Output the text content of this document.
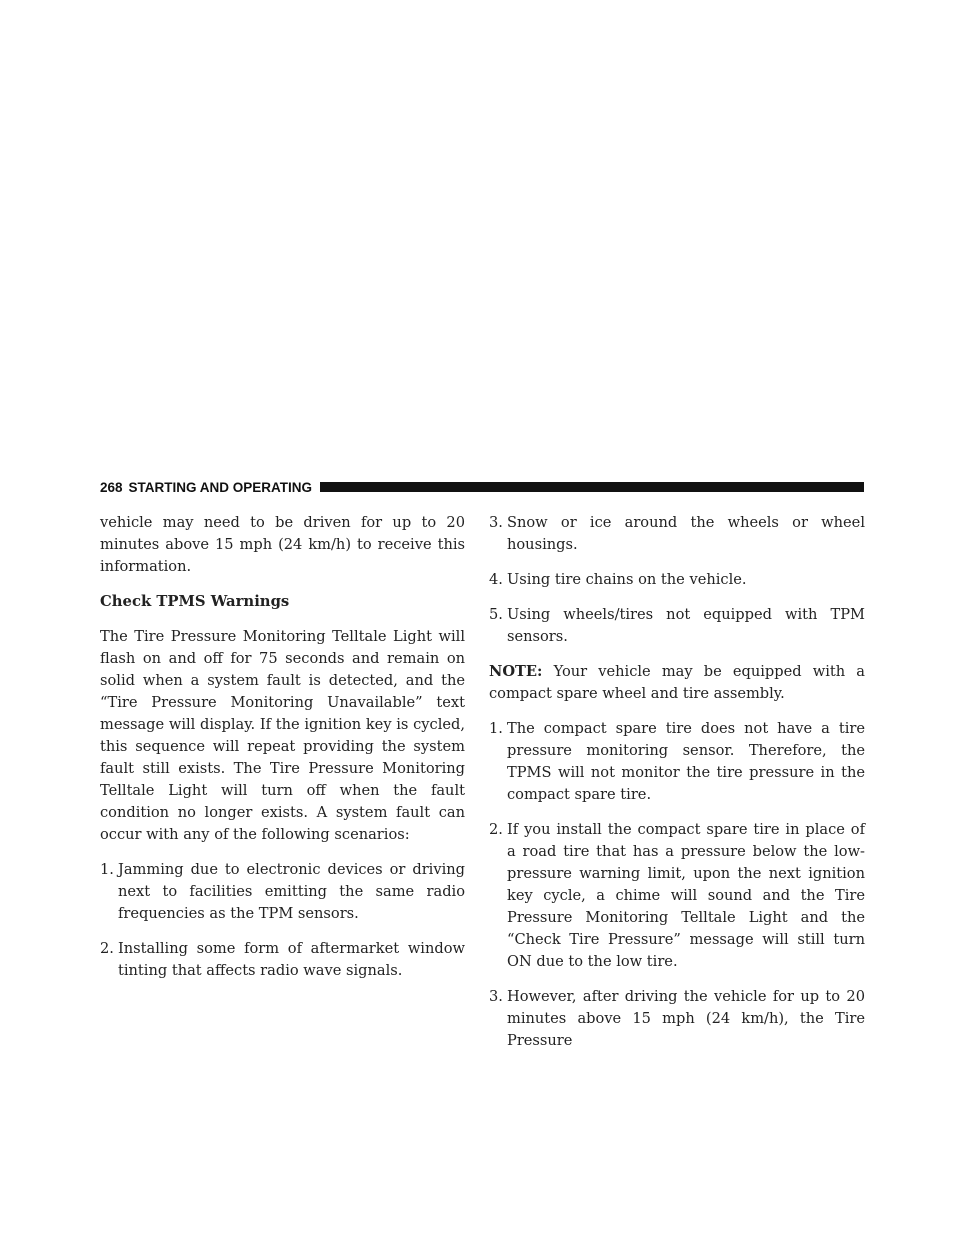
268 STARTING AND OPERATING

vehicle may need to be driven for up to 20 minutes above 15 mph (24 km/h) to receive this information.

Check TPMS Warnings

The Tire Pressure Monitoring Telltale Light will flash on and off for 75 seconds and remain on solid when a system fault is detected, and the “Tire Pressure Monitoring Unavailable” text message will display. If the ignition key is cycled, this sequence will repeat providing the system fault still exists. The Tire Pressure Monitoring Telltale Light will turn off when the fault condition no longer exists. A system fault can occur with any of the following scenarios:

1. Jamming due to electronic devices or driving next to facilities emitting the same radio frequencies as the TPM sensors.
2. Installing some form of aftermarket window tinting that affects radio wave signals.
3. Snow or ice around the wheels or wheel housings.
4. Using tire chains on the vehicle.
5. Using wheels/tires not equipped with TPM sensors.

NOTE: Your vehicle may be equipped with a compact spare wheel and tire assembly.

1. The compact spare tire does not have a tire pressure monitoring sensor. Therefore, the TPMS will not monitor the tire pressure in the compact spare tire.
2. If you install the compact spare tire in place of a road tire that has a pressure below the low-pressure warning limit, upon the next ignition key cycle, a chime will sound and the Tire Pressure Monitoring Telltale Light and the “Check Tire Pressure” message will still turn ON due to the low tire.
3. However, after driving the vehicle for up to 20 minutes above 15 mph (24 km/h), the Tire Pressure
